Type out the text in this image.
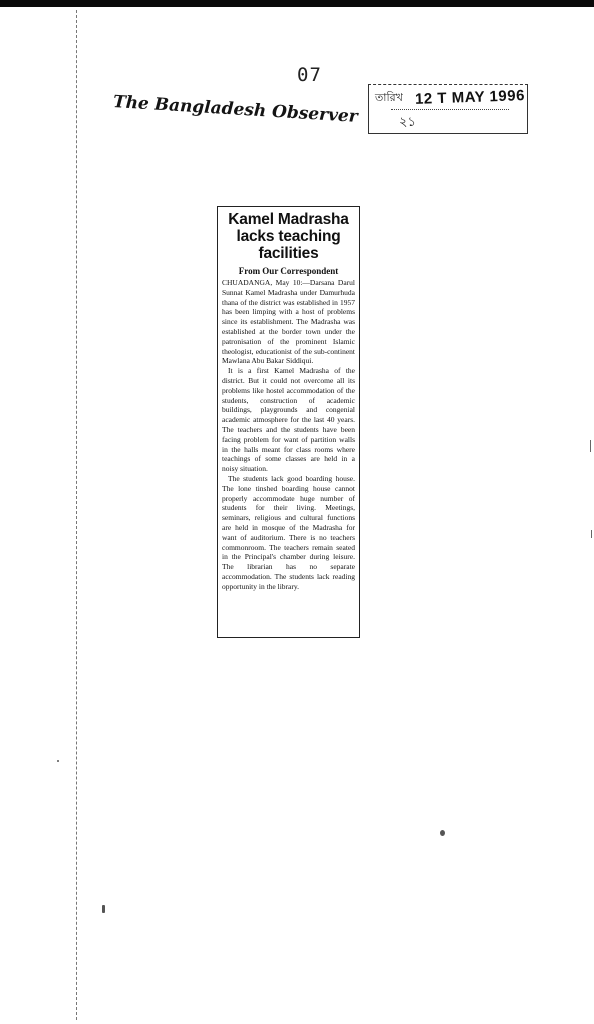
07
The Bangladesh Observer তারিখ 12 T MAY 1996
২১
Kamel Madrasha lacks teaching facilities
From Our Correspondent

CHUADANGA, May 10:—Darsana Darul Sunnat Kamel Madrasha under Damurhuda thana of the district was established in 1957 has been limping with a host of problems since its establishment. The Madrasha was established at the border town under the patronisation of the prominent Islamic theologist, educationist of the sub-continent Mawlana Abu Bakar Siddiqui.

It is a first Kamel Madrasha of the district. But it could not overcome all its problems like hostel accommodation of the students, construction of academic buildings, playgrounds and congenial academic atmosphere for the last 40 years. The teachers and the students have been facing problem for want of partition walls in the halls meant for class rooms where teachings of some classes are held in a noisy situation.

The students lack good boarding house. The lone tinshed boarding house cannot properly accommodate huge number of students for their living. Meetings, seminars, religious and cultural functions are held in mosque of the Madrasha for want of auditorium. There is no teachers commonroom. The teachers remain seated in the Principal's chamber during leisure. The librarian has no separate accommodation. The students lack reading opportunity in the library.
